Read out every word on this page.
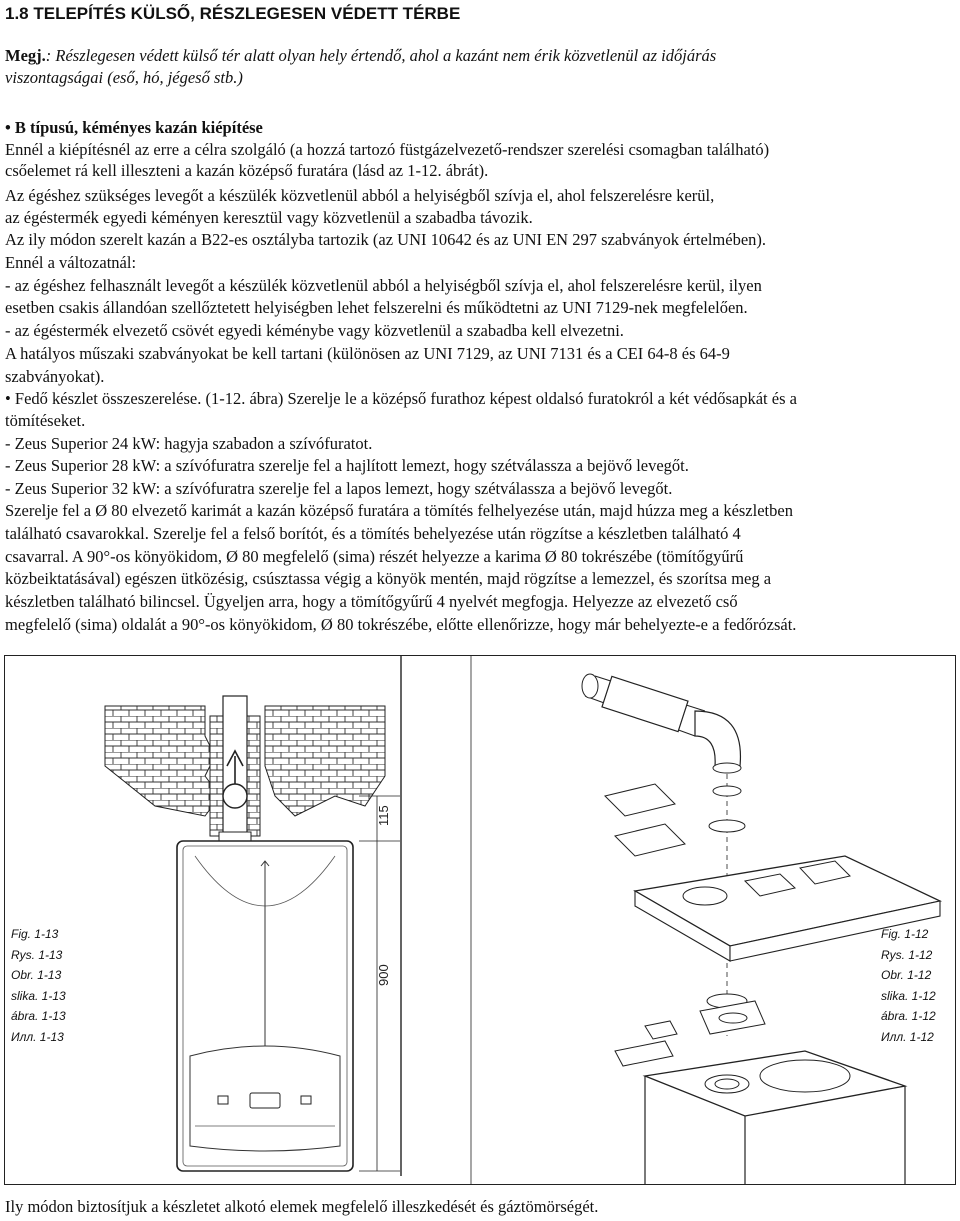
1.8 TELEPÍTÉS KÜLSŐ, RÉSZLEGESEN VÉDETT TÉRBE
Megj.: Részlegesen védett külső tér alatt olyan hely értendő, ahol a kazánt nem érik közvetlenül az időjárás
viszontagságai (eső, hó, jégeső stb.)
• B típusú, kéményes kazán kiépítése
Ennél a kiépítésnél az erre a célra szolgáló (a hozzá tartozó füstgázelvezető-rendszer szerelési csomagban található)
csőelemet rá kell illeszteni a kazán középső furatára (lásd az 1-12. ábrát).
Az égéshez szükséges levegőt a készülék közvetlenül abból a helyiségből szívja el, ahol felszerelésre kerül,
az égéstermék egyedi kéményen keresztül vagy közvetlenül a szabadba távozik.
Az ily módon szerelt kazán a B22-es osztályba tartozik (az UNI 10642 és az UNI EN 297 szabványok értelmében).
Ennél a változatnál:
- az égéshez felhasznált levegőt a készülék közvetlenül abból a helyiségből szívja el, ahol felszerelésre kerül, ilyen
esetben csakis állandóan szellőztetett helyiségben lehet felszerelni és működtetni az UNI 7129-nek megfelelően.
- az égéstermék elvezető csövét egyedi kéménybe vagy közvetlenül a szabadba kell elvezetni.
A hatályos műszaki szabványokat be kell tartani (különösen az UNI 7129, az UNI 7131 és a CEI 64-8 és 64-9
szabványokat).
• Fedő készlet összeszerelése. (1-12. ábra) Szerelje le a középső furathoz képest oldalsó furatokról a két védősapkát és a
tömítéseket.
- Zeus Superior 24 kW: hagyja szabadon a szívófuratot.
- Zeus Superior 28 kW: a szívófuratra szerelje fel a hajlított lemezt, hogy szétválassza a bejövő levegőt.
- Zeus Superior 32 kW: a szívófuratra szerelje fel a lapos lemezt, hogy szétválassza a bejövő levegőt.
Szerelje fel a Ø 80 elvezető karimát a kazán középső furatára a tömítés felhelyezése után, majd húzza meg a készletben
található csavarokkal. Szerelje fel a felső borítót, és a tömítés behelyezése után rögzítse a készletben található 4
csavarral. A 90°-os könyökidom, Ø 80 megfelelő (sima) részét helyezze a karima Ø 80 tokrészébe (tömítőgyűrű
közbeiktatásával) egészen ütközésig, csúsztassa végig a könyök mentén, majd rögzítse a lemezzel, és szorítsa meg a
készletben található bilincsel. Ügyeljen arra, hogy a tömítőgyűrű 4 nyelvét megfogja. Helyezze az elvezető cső
megfelelő (sima) oldalát a 90°-os könyökidom, Ø 80 tokrészébe, előtte ellenőrizze, hogy már behelyezte-e a fedőrózsát.
115
900
Fig. 1-13
Rys. 1-13
Obr. 1-13
slika. 1-13
ábra. 1-13
Илл. 1-13
Fig. 1-12
Rys. 1-12
Obr. 1-12
slika. 1-12
ábra. 1-12
Илл. 1-12
Ily módon biztosítjuk a készletet alkotó elemek megfelelő illeszkedését és gáztömörségét.
